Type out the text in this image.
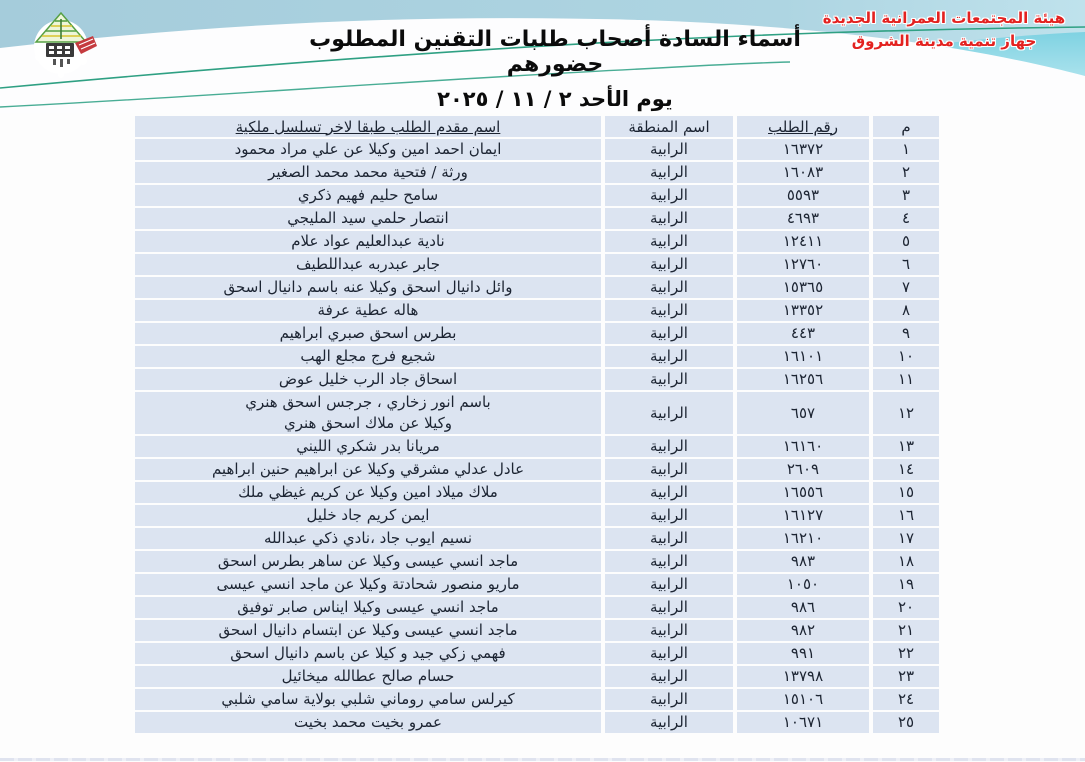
هيئة المجتمعات العمرانية الجديدة
جهاز تنمية مدينة الشروق
أسماء السادة أصحاب طلبات التقنين المطلوب حضورهم
يوم الأحد ٢ / ١١ / ٢٠٢٥
م	رقم الطلب	اسم المنطقة	اسم مقدم الطلب طبقا لاخر تسلسل ملكية

١	١٦٣٧٢	الرابية	ايمان احمد امين وكيلا عن علي مراد محمود

٢	١٦٠٨٣	الرابية	ورثة / فتحية محمد محمد الصغير

٣	٥٥٩٣	الرابية	سامح حليم فهيم ذكري

٤	٤٦٩٣	الرابية	انتصار حلمي سيد المليجي

٥	١٢٤١١	الرابية	نادية عبدالعليم عواد علام

٦	١٢٧٦٠	الرابية	جابر عبدربه عبداللطيف

٧	١٥٣٦٥	الرابية	وائل دانيال اسحق وكيلا عنه باسم دانيال اسحق

٨	١٣٣٥٢	الرابية	هاله عطية عرفة

٩	٤٤٣	الرابية	بطرس اسحق صبري ابراهيم

١٠	١٦١٠١	الرابية	شجيع فرج مجلع الهب

١١	١٦٢٥٦	الرابية	اسحاق جاد الرب خليل عوض

١٢	٦٥٧	الرابية	باسم انور زخاري ، جرجس اسحق هنري
وكيلا عن ملاك اسحق هنري

١٣	١٦١٦٠	الرابية	مريانا بدر شكري الليني

١٤	٢٦٠٩	الرابية	عادل عدلي مشرقي وكيلا عن ابراهيم حنين ابراهيم

١٥	١٦٥٥٦	الرابية	ملاك ميلاد امين وكيلا عن كريم غيظي ملك

١٦	١٦١٢٧	الرابية	ايمن كريم جاد خليل

١٧	١٦٢١٠	الرابية	نسيم ايوب جاد ،نادي ذكي عبدالله

١٨	٩٨٣	الرابية	ماجد انسي عيسى وكيلا عن ساهر بطرس اسحق

١٩	١٠٥٠	الرابية	ماريو منصور شحادتة وكيلا عن ماجد انسي عيسى

٢٠	٩٨٦	الرابية	ماجد انسي عيسى وكيلا ايناس صابر توفيق

٢١	٩٨٢	الرابية	ماجد انسي عيسى وكيلا عن ابتسام دانيال اسحق

٢٢	٩٩١	الرابية	فهمي زكي جيد و كيلا عن باسم دانيال اسحق

٢٣	١٣٧٩٨	الرابية	حسام صالح عطالله ميخائيل

٢٤	١٥١٠٦	الرابية	كيرلس سامي روماني شلبي بولاية سامي شلبي

٢٥	١٠٦٧١	الرابية	عمرو بخيت محمد بخيت
